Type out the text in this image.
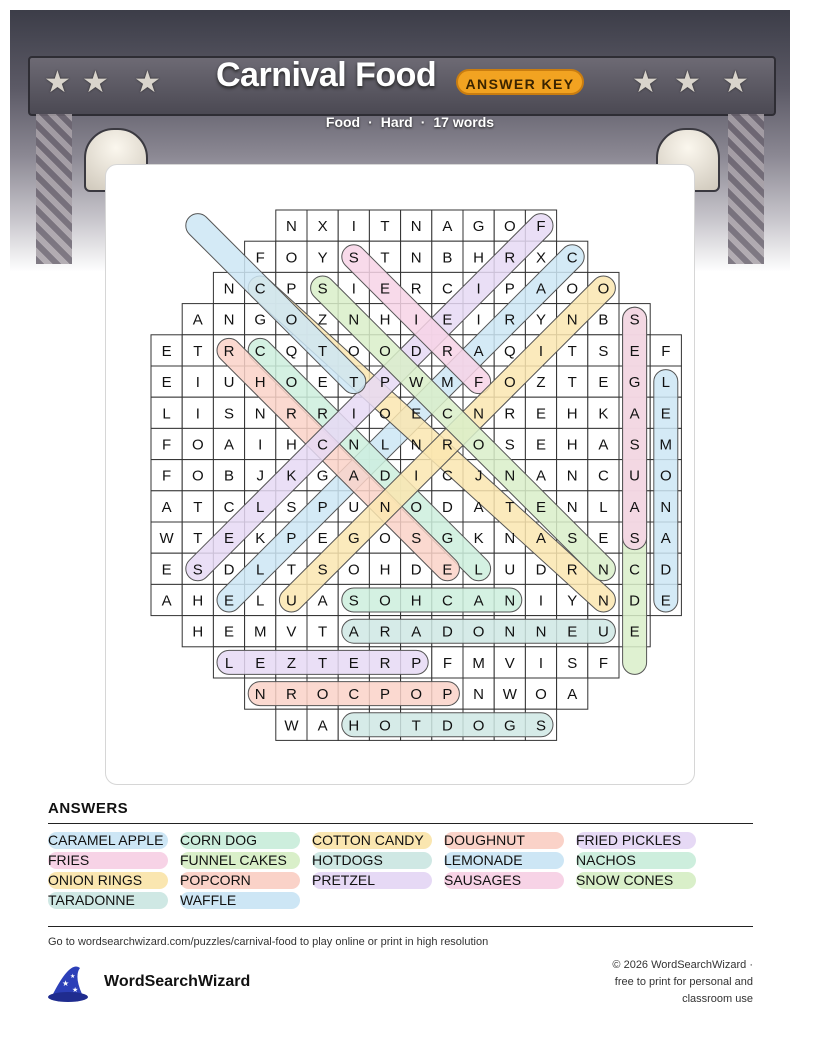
★ ★ ★	★ ★ ★
Food · Hard · 17 words
Carnival Food	ANSWER KEY
N X I T N A G O F
F O Y S T N B H R X C
N C P S I E R C I P A O O
A N G O Z N H I E I R Y N B S
E T R C Q T O O D R A Q I T S E F
E I U H O E T P W M F O Z T E G L
L I S N R R I O E C N R E H K A E
F O A I H C N L N R O S E H A S M
F O B J K G A D I C J N A N C U O
A T C L S P U N O D A T E N L A N
W T E K P E G O S G K N A S E S A
E S D L T S O H D E L U D R N C D
A H E L U A S O H C A N I Y N D E
H E M V T A R A D O N N E U E
L E Z T E R P F M V I S F
N R O C P O P N W O A
W A H O T D O G S
ANSWERS
CARAMEL APPLE	CORN DOG	COTTON CANDY	DOUGHNUT	FRIED PICKLES
FRIES	FUNNEL CAKES	HOTDOGS	LEMONADE	NACHOS
ONION RINGS	POPCORN	PRETZEL	SAUSAGES	SNOW CONES
TARADONNE	WAFFLE
Go to wordsearchwizard.com/puzzles/carnival-food to play online or print in high resolution
★
★
★
WordSearchWizard
© 2026 WordSearchWizard ·
free to print for personal and
classroom use
